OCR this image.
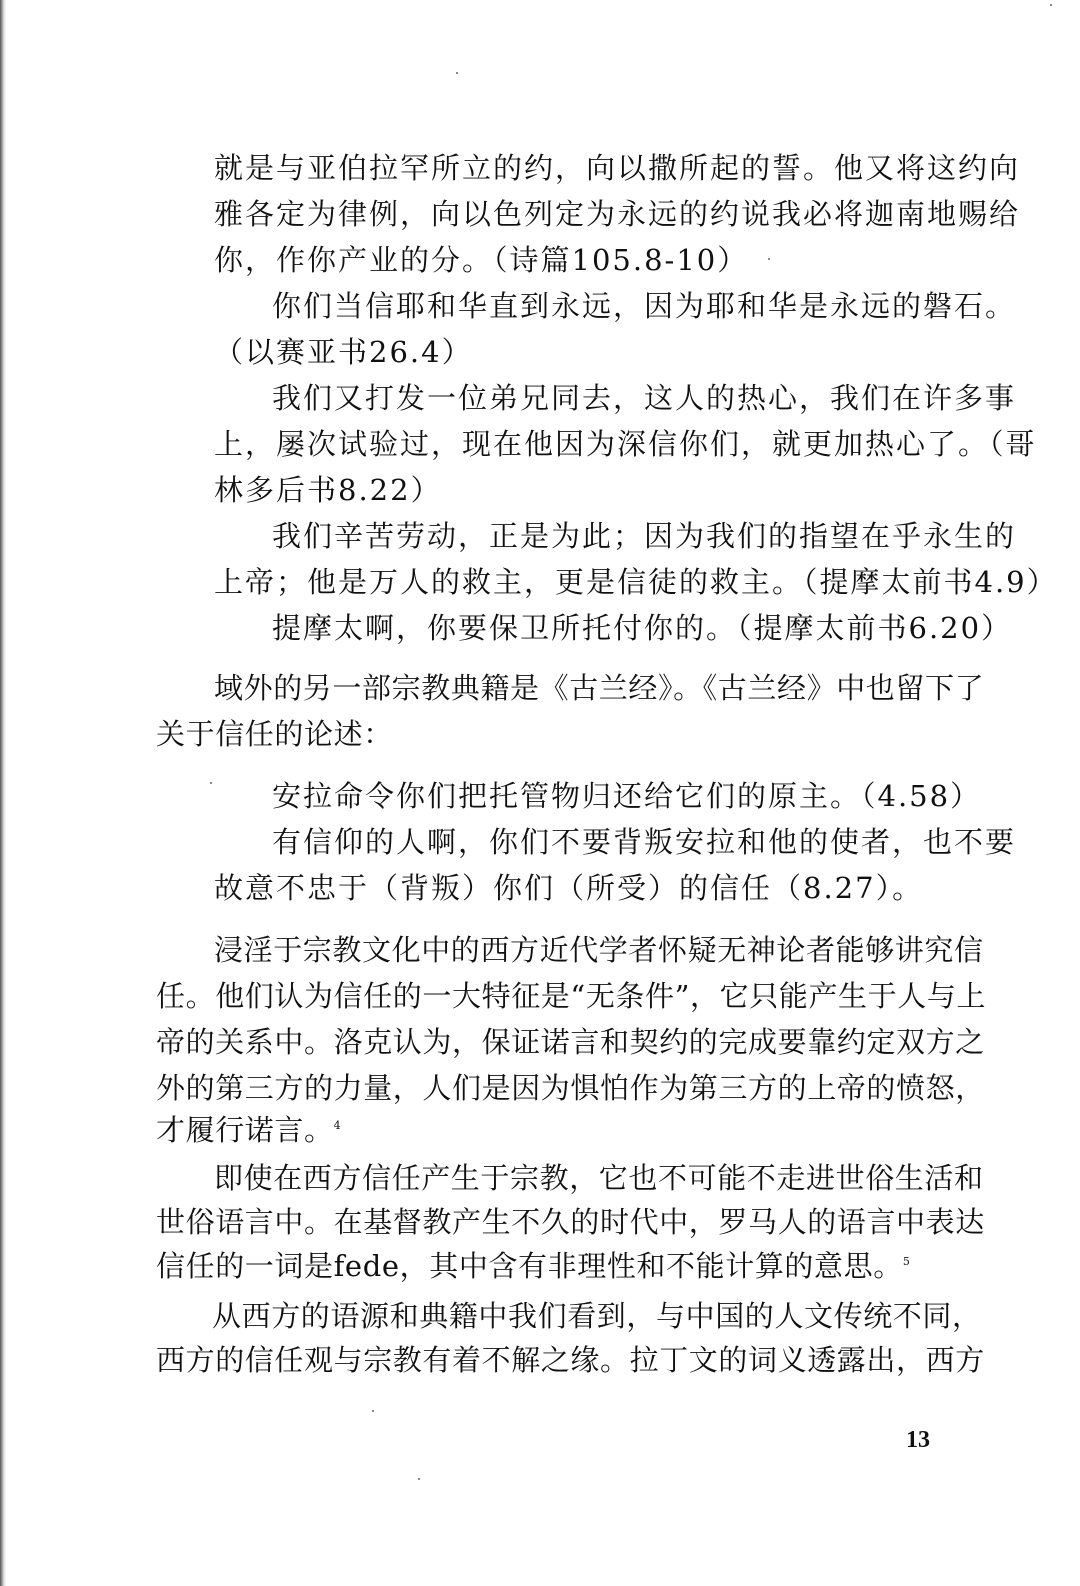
就是与亚伯拉罕所立的约，向以撒所起的誓。他又将这约向
雅各定为律例，向以色列定为永远的约说我必将迦南地赐给
你，作你产业的分。（诗篇105.8-10）
你们当信耶和华直到永远，因为耶和华是永远的磐石。
（以赛亚书26.4）
我们又打发一位弟兄同去，这人的热心，我们在许多事
上，屡次试验过，现在他因为深信你们，就更加热心了。（哥
林多后书8.22）
我们辛苦劳动，正是为此；因为我们的指望在乎永生的
上帝；他是万人的救主，更是信徒的救主。（提摩太前书4.9）
提摩太啊，你要保卫所托付你的。（提摩太前书6.20）
域外的另一部宗教典籍是《古兰经》。《古兰经》中也留下了
关于信任的论述：
安拉命令你们把托管物归还给它们的原主。（4.58）
有信仰的人啊，你们不要背叛安拉和他的使者，也不要
故意不忠于（背叛）你们（所受）的信任（8.27）。
浸淫于宗教文化中的西方近代学者怀疑无神论者能够讲究信
任。他们认为信任的一大特征是“无条件”，它只能产生于人与上
帝的关系中。洛克认为，保证诺言和契约的完成要靠约定双方之
外的第三方的力量，人们是因为惧怕作为第三方的上帝的愤怒，
才履行诺言。$^4$
即使在西方信任产生于宗教，它也不可能不走进世俗生活和
世俗语言中。在基督教产生不久的时代中，罗马人的语言中表达
信任的一词是fede，其中含有非理性和不能计算的意思。$^5$
从西方的语源和典籍中我们看到，与中国的人文传统不同，
西方的信任观与宗教有着不解之缘。拉丁文的词义透露出，西方
13
